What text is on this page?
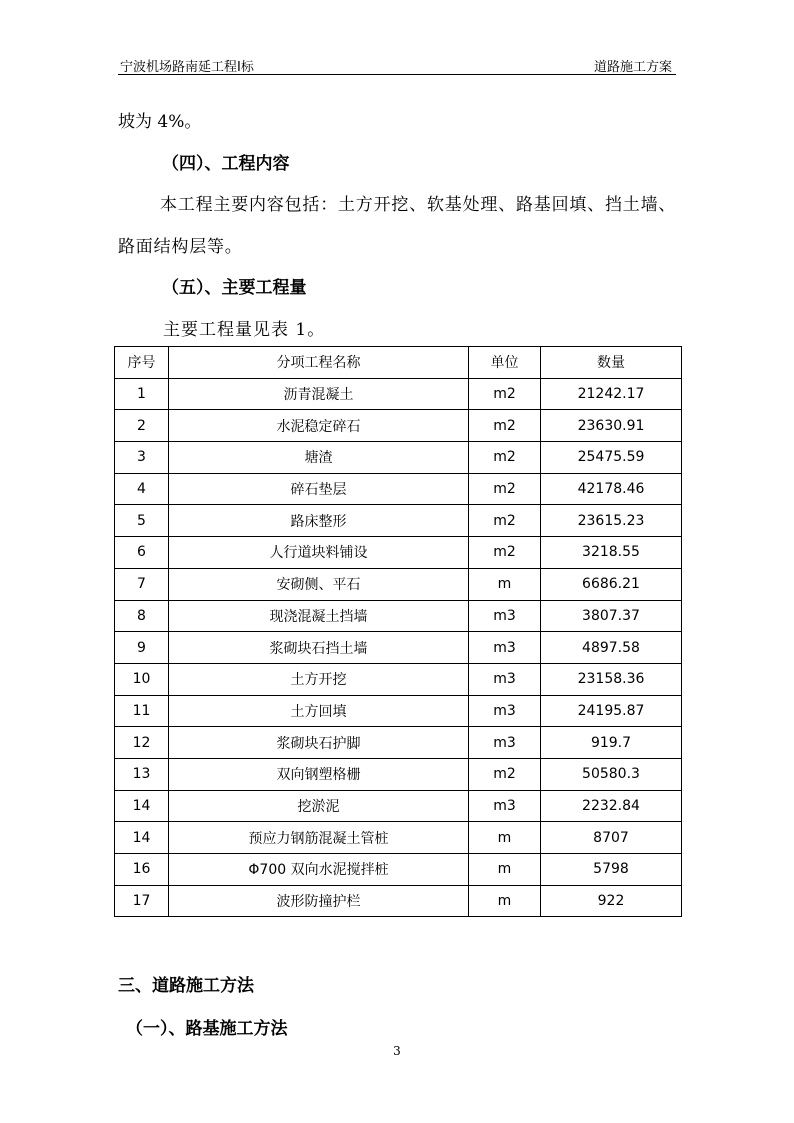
宁波机场路南延工程Ⅰ标	道路施工方案
坡为 4%。
（四）、工程内容
本工程主要内容包括：土方开挖、软基处理、路基回填、挡土墙、
路面结构层等。
（五）、主要工程量
主要工程量见表 1。
序号	分项工程名称	单位	数量
1	沥青混凝土	m2	21242.17
2	水泥稳定碎石	m2	23630.91
3	塘渣	m2	25475.59
4	碎石垫层	m2	42178.46
5	路床整形	m2	23615.23
6	人行道块料铺设	m2	3218.55
7	安砌侧、平石	m	6686.21
8	现浇混凝土挡墙	m3	3807.37
9	浆砌块石挡土墙	m3	4897.58
10	土方开挖	m3	23158.36
11	土方回填	m3	24195.87
12	浆砌块石护脚	m3	919.7
13	双向钢塑格栅	m2	50580.3
14	挖淤泥	m3	2232.84
14	预应力钢筋混凝土管桩	m	8707
16	Φ700 双向水泥搅拌桩	m	5798
17	波形防撞护栏	m	922
三、道路施工方法
（一）、路基施工方法
3
